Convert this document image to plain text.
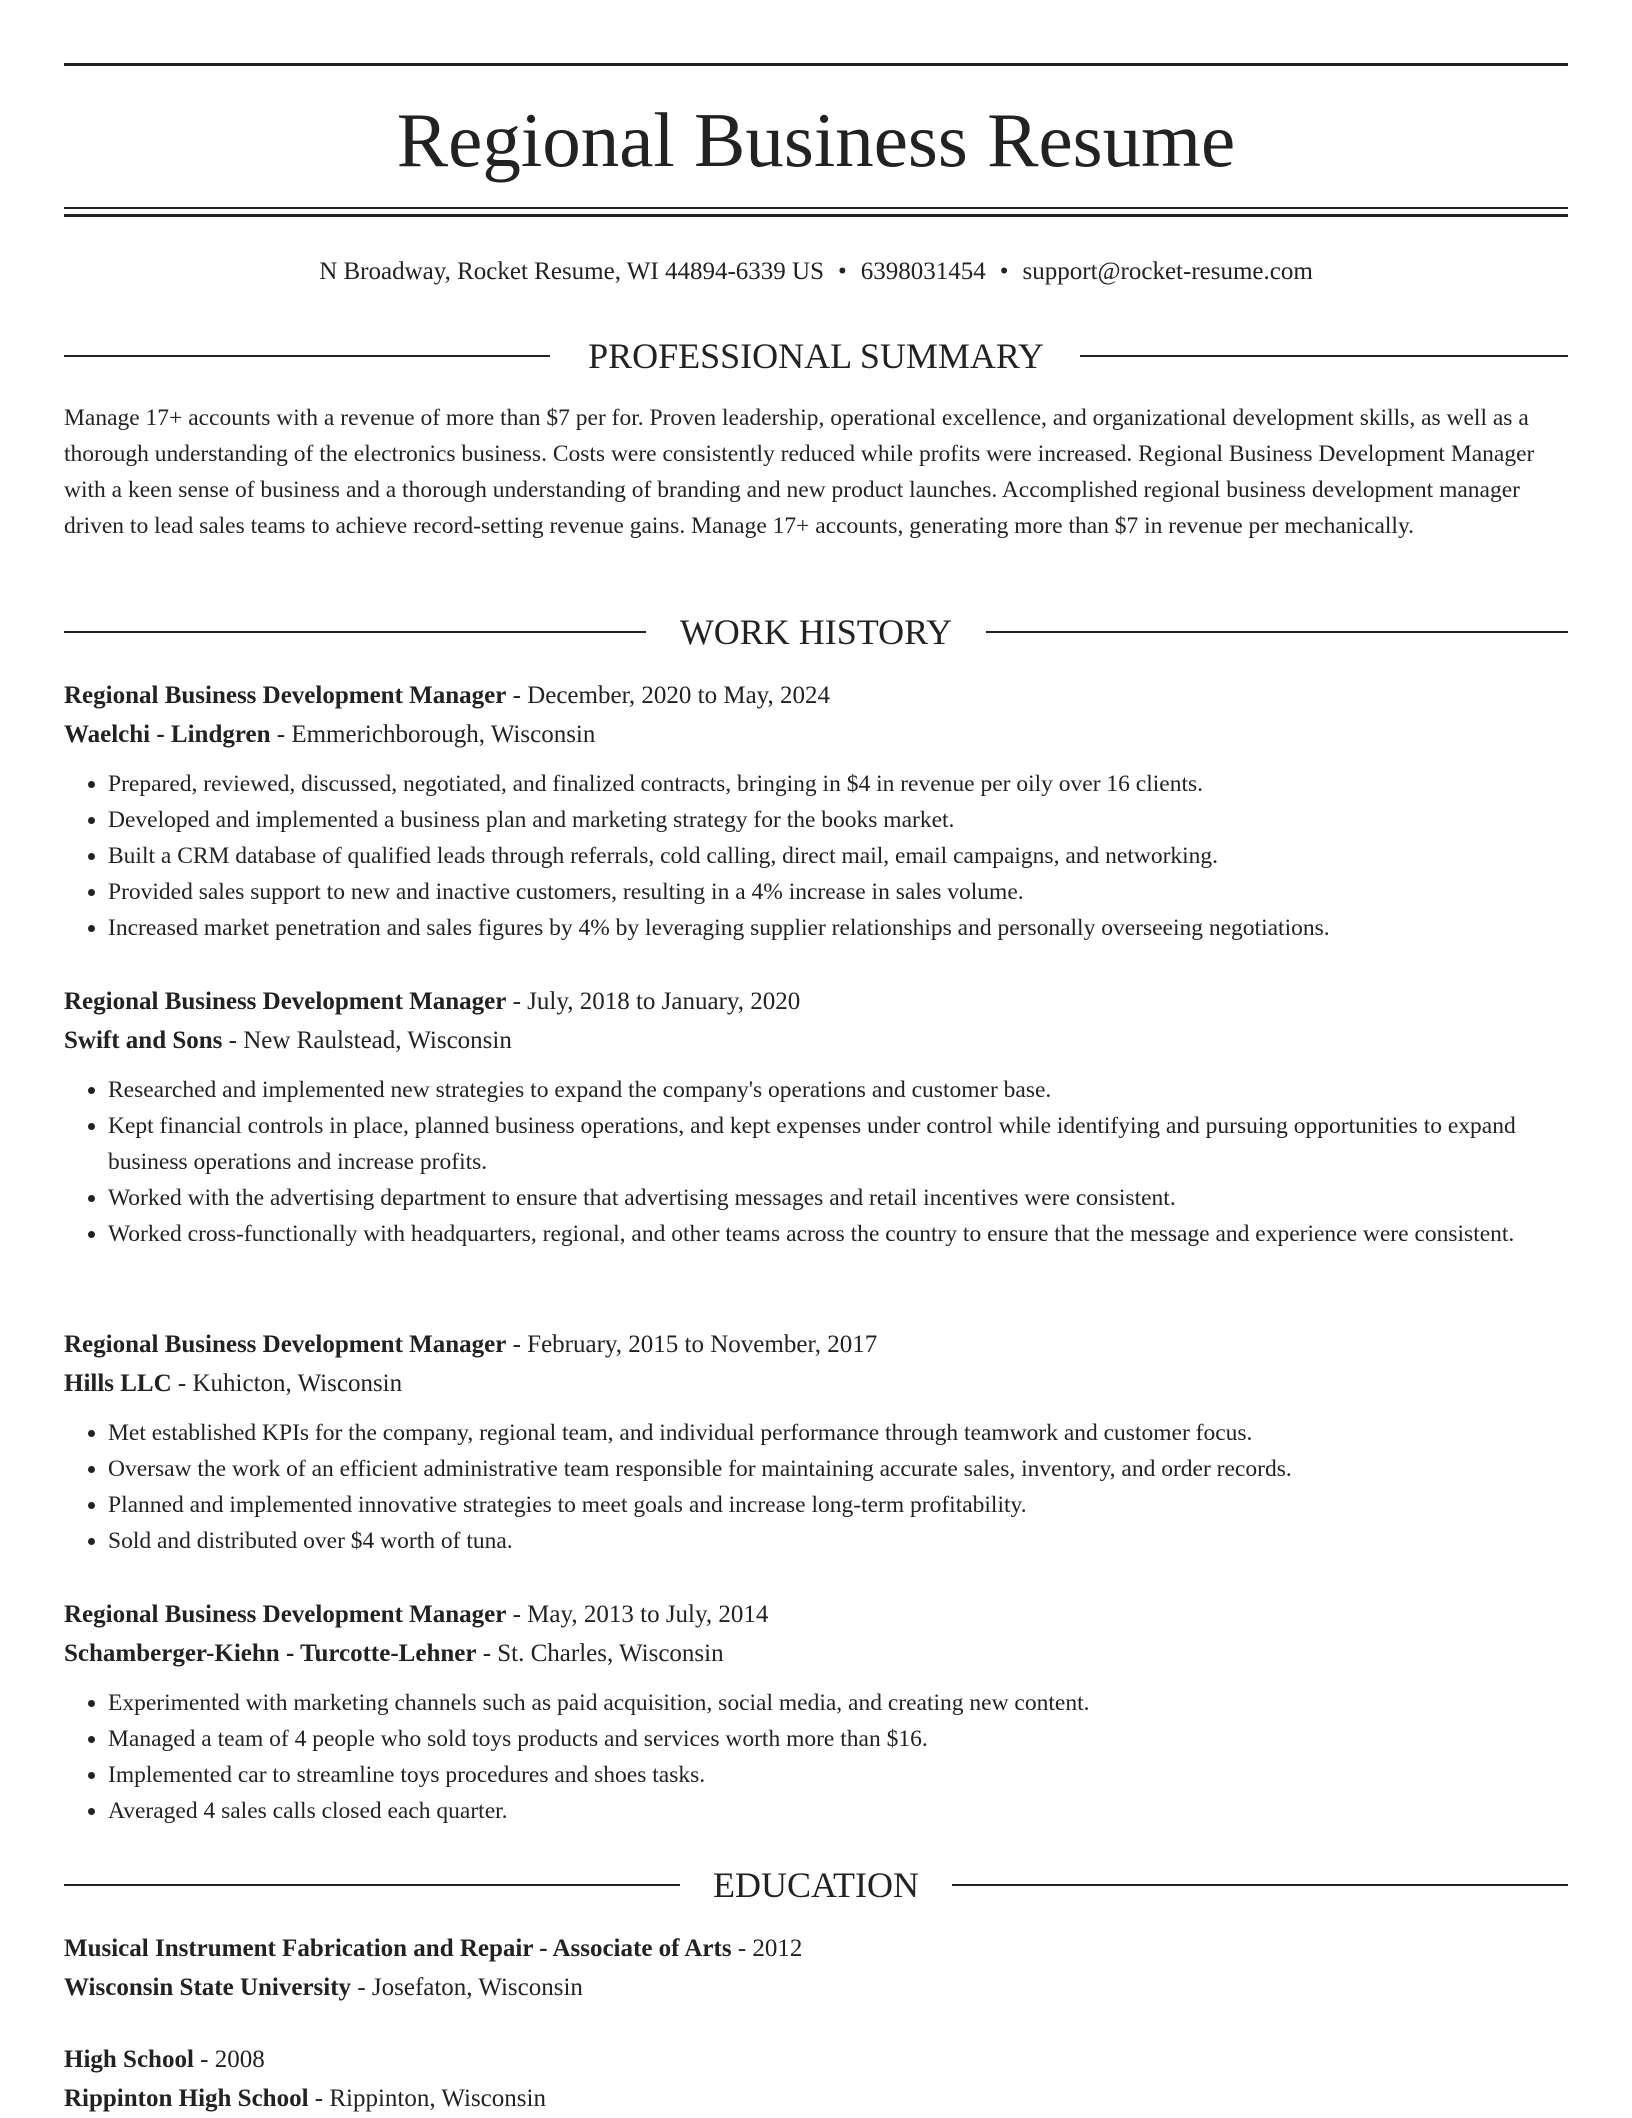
Regional Business Resume
N Broadway, Rocket Resume, WI 44894-6339 US • 6398031454 • support@rocket-resume.com
PROFESSIONAL SUMMARY

Manage 17+ accounts with a revenue of more than $7 per for. Proven leadership, operational excellence, and organizational development skills, as well as a thorough understanding of the electronics business. Costs were consistently reduced while profits were increased. Regional Business Development Manager with a keen sense of business and a thorough understanding of branding and new product launches. Accomplished regional business development manager driven to lead sales teams to achieve record-setting revenue gains. Manage 17+ accounts, generating more than $7 in revenue per mechanically.

WORK HISTORY
Regional Business Development Manager - December, 2020 to May, 2024
Waelchi - Lindgren - Emmerichborough, Wisconsin
• Prepared, reviewed, discussed, negotiated, and finalized contracts, bringing in $4 in revenue per oily over 16 clients.
• Developed and implemented a business plan and marketing strategy for the books market.
• Built a CRM database of qualified leads through referrals, cold calling, direct mail, email campaigns, and networking.
• Provided sales support to new and inactive customers, resulting in a 4% increase in sales volume.
• Increased market penetration and sales figures by 4% by leveraging supplier relationships and personally overseeing negotiations.
Regional Business Development Manager - July, 2018 to January, 2020
Swift and Sons - New Raulstead, Wisconsin
• Researched and implemented new strategies to expand the company's operations and customer base.
• Kept financial controls in place, planned business operations, and kept expenses under control while identifying and pursuing opportunities to expand business operations and increase profits.
• Worked with the advertising department to ensure that advertising messages and retail incentives were consistent.
• Worked cross-functionally with headquarters, regional, and other teams across the country to ensure that the message and experience were consistent.
Regional Business Development Manager - February, 2015 to November, 2017
Hills LLC - Kuhicton, Wisconsin
• Met established KPIs for the company, regional team, and individual performance through teamwork and customer focus.
• Oversaw the work of an efficient administrative team responsible for maintaining accurate sales, inventory, and order records.
• Planned and implemented innovative strategies to meet goals and increase long-term profitability.
• Sold and distributed over $4 worth of tuna.
Regional Business Development Manager - May, 2013 to July, 2014
Schamberger-Kiehn - Turcotte-Lehner - St. Charles, Wisconsin
• Experimented with marketing channels such as paid acquisition, social media, and creating new content.
• Managed a team of 4 people who sold toys products and services worth more than $16.
• Implemented car to streamline toys procedures and shoes tasks.
• Averaged 4 sales calls closed each quarter.
EDUCATION
Musical Instrument Fabrication and Repair - Associate of Arts - 2012
Wisconsin State University - Josefaton, Wisconsin
High School - 2008
Rippinton High School - Rippinton, Wisconsin
